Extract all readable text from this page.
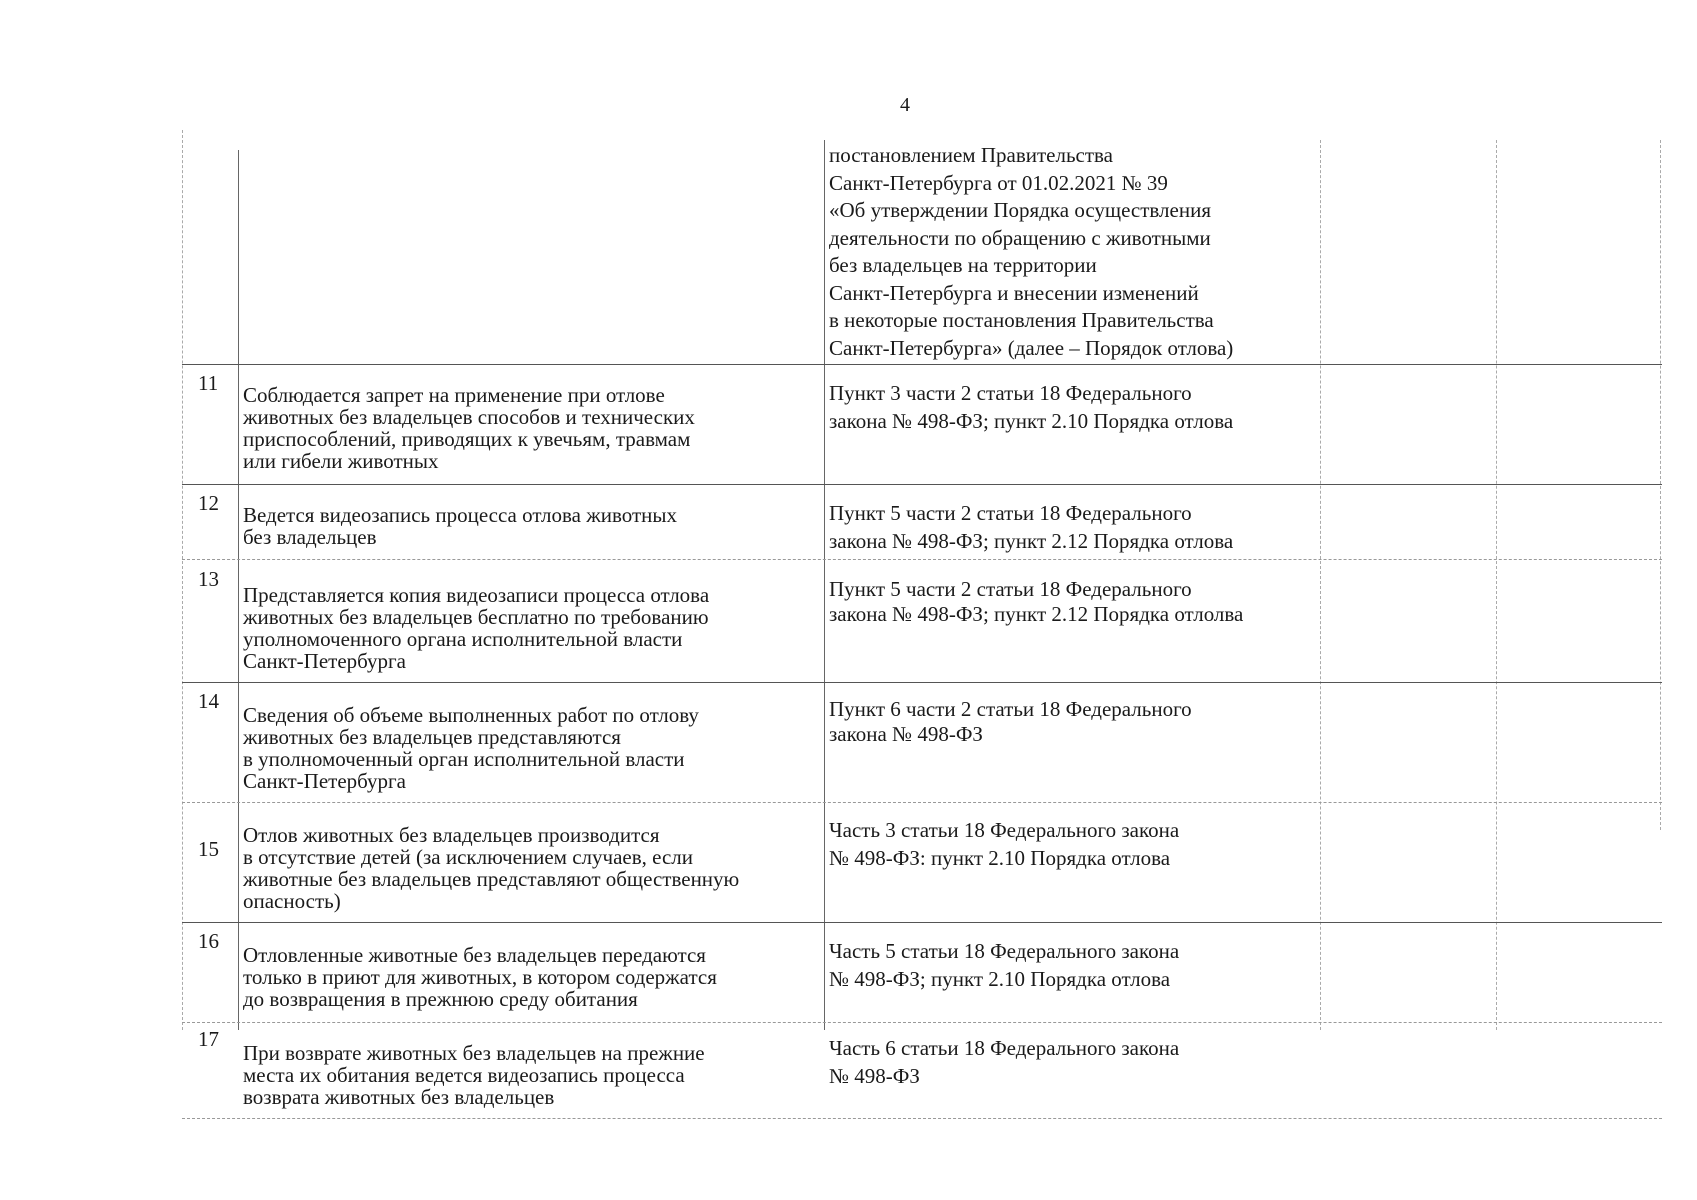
4
постановлением Правительства
Санкт-Петербурга от 01.02.2021 № 39
«Об утверждении Порядка осуществления
деятельности по обращению с животными
без владельцев на территории
Санкт-Петербурга и внесении изменений
в некоторые постановления Правительства
Санкт-Петербурга» (далее – Порядок отлова)
11 Соблюдается запрет на применение при отлове
животных без владельцев способов и технических
приспособлений, приводящих к увечьям, травмам
или гибели животных
Пункт 3 части 2 статьи 18 Федерального
закона № 498-ФЗ; пункт 2.10 Порядка отлова
12 Ведется видеозапись процесса отлова животных
без владельцев
Пункт 5 части 2 статьи 18 Федерального
закона № 498-ФЗ; пункт 2.12 Порядка отлова
13
Представляется копия видеозаписи процесса отлова
животных без владельцев бесплатно по требованию
уполномоченного органа исполнительной власти
Санкт-Петербурга
Пункт 5 части 2 статьи 18 Федерального
закона № 498-ФЗ; пункт 2.12 Порядка отлолва
14
Сведения об объеме выполненных работ по отлову
животных без владельцев представляются
в уполномоченный орган исполнительной власти
Санкт-Петербурга
Пункт 6 части 2 статьи 18 Федерального
закона № 498-ФЗ
15
Отлов животных без владельцев производится
в отсутствие детей (за исключением случаев, если
животные без владельцев представляют общественную
опасность)
Часть 3 статьи 18 Федерального закона
№ 498-ФЗ: пункт 2.10 Порядка отлова
16
Отловленные животные без владельцев передаются
только в приют для животных, в котором содержатся
до возвращения в прежнюю среду обитания
Часть 5 статьи 18 Федерального закона
№ 498-ФЗ; пункт 2.10 Порядка отлова
17
При возврате животных без владельцев на прежние
места их обитания ведется видеозапись процесса
возврата животных без владельцев
Часть 6 статьи 18 Федерального закона
№ 498-ФЗ
